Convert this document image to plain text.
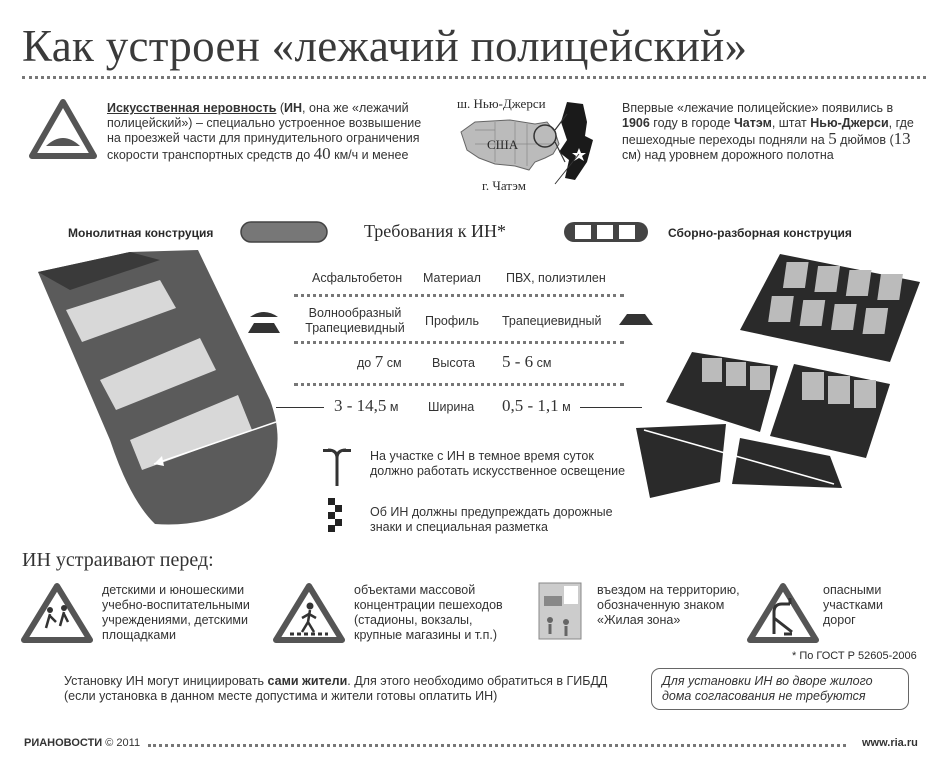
Как устроен «лежачий полицейский»
Искусственная неровность (ИН, она же «лежачий полицейский») – специально устроенное возвышение на проезжей части для принудительного ограничения скорости транспортных средств до 40 км/ч и менее
ш. Нью-Джерси
США
г. Чатэм
Впервые «лежачие полицейские» появились в 1906 году в городе Чатэм, штат Нью-Джерси, где пешеходные переходы подняли на 5 дюймов (13 см) над уровнем дорожного полотна
Монолитная конструция	Требования к ИН*	Сборно-разборная конструция
Асфальтобетон Материал ПВХ, полиэтилен
Волнообразный Трапециевидный	Профиль Трапециевидный
до 7 см Высота 5 - 6 см
3 - 14,5 м Ширина 0,5 - 1,1 м
На участке с ИН в темное время суток должно работать искусственное освещение
Об ИН должны предупреждать дорожные знаки и специальная разметка
ИН устраивают перед:
детскими и юношескими учебно-воспитательными учреждениями, детскими площадками
объектами массовой концентрации пешеходов (стадионы, вокзалы, крупные магазины и т.п.)
въездом на территорию, обозначенную знаком «Жилая зона»
опасными участками дорог
* По ГОСТ Р 52605-2006
Установку ИН могут инициировать сами жители. Для этого необходимо обратиться в ГИБДД (если установка в данном месте допустима и жители готовы оплатить ИН)
Для установки ИН во дворе жилого дома согласования не требуются
РИАНОВОСТИ © 2011	www.ria.ru
